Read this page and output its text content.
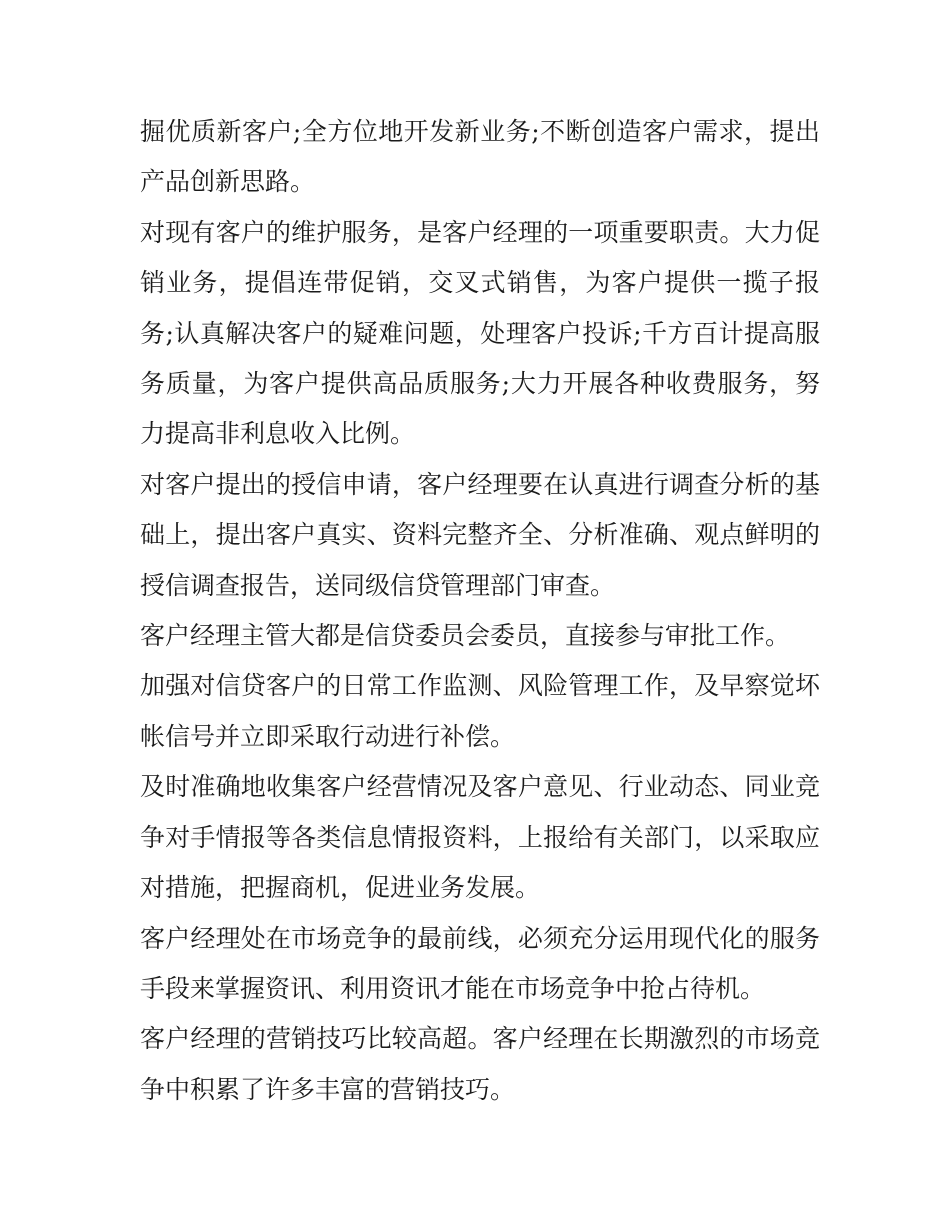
掘优质新客户;全方位地开发新业务;不断创造客户需求，提出产品创新思路。

对现有客户的维护服务，是客户经理的一项重要职责。大力促销业务，提倡连带促销，交叉式销售，为客户提供一揽子报务;认真解决客户的疑难问题，处理客户投诉;千方百计提高服务质量，为客户提供高品质服务;大力开展各种收费服务，努力提高非利息收入比例。

对客户提出的授信申请，客户经理要在认真进行调查分析的基础上，提出客户真实、资料完整齐全、分析准确、观点鲜明的授信调查报告，送同级信贷管理部门审查。

客户经理主管大都是信贷委员会委员，直接参与审批工作。

加强对信贷客户的日常工作监测、风险管理工作，及早察觉坏帐信号并立即采取行动进行补偿。

及时准确地收集客户经营情况及客户意见、行业动态、同业竞争对手情报等各类信息情报资料，上报给有关部门，以采取应对措施，把握商机，促进业务发展。

客户经理处在市场竞争的最前线，必须充分运用现代化的服务手段来掌握资讯、利用资讯才能在市场竞争中抢占待机。

客户经理的营销技巧比较高超。客户经理在长期激烈的市场竞争中积累了许多丰富的营销技巧。
